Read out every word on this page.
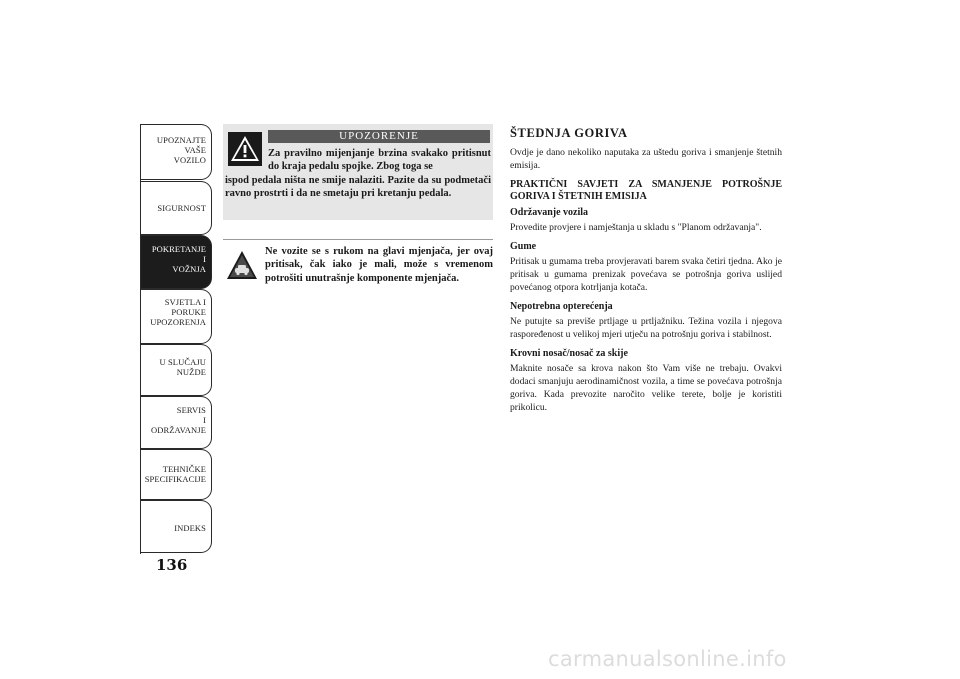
UPOZNAJTE
VAŠE
VOZILO
SIGURNOST
POKRETANJE
I
VOŽNJA
SVJETLA I
PORUKE
UPOZORENJA
U SLUČAJU
NUŽDE
SERVIS
I
ODRŽAVANJE
TEHNIČKE
SPECIFIKACIJE
INDEKS
136
UPOZORENJE
Za pravilno mijenjanje brzina svakako pritisnut do kraja pedalu spojke. Zbog toga se
ispod pedala ništa ne smije nalaziti. Pazite da su podmetači ravno prostrti i da ne smetaju pri kretanju pedala.
Ne vozite se s rukom na glavi mjenjača, jer ovaj pritisak, čak iako je mali, može s vremenom potrošiti unutrašnje komponente mjenjača.
ŠTEDNJA GORIVA

Ovdje je dano nekoliko naputaka za uštedu goriva i smanjenje štetnih emisija.

PRAKTIČNI SAVJETI ZA SMANJENJE POTROŠNJE GORIVA I ŠTETNIH EMISIJA
Održavanje vozila

Provedite provjere i namještanja u skladu s "Planom održavanja".

Gume

Pritisak u gumama treba provjeravati barem svaka četiri tjedna. Ako je pritisak u gumama prenizak povećava se potrošnja goriva uslijed povećanog otpora kotrljanja kotača.

Nepotrebna opterećenja

Ne putujte sa previše prtljage u prtljažniku. Težina vozila i njegova raspoređenost u velikoj mjeri utječu na potrošnju goriva i stabilnost.

Krovni nosač/nosač za skije

Maknite nosače sa krova nakon što Vam više ne trebaju. Ovakvi dodaci smanjuju aerodinamičnost vozila, a time se povećava potrošnja goriva. Kada prevozite naročito velike terete, bolje je koristiti prikolicu.

carmanualsonline.info
